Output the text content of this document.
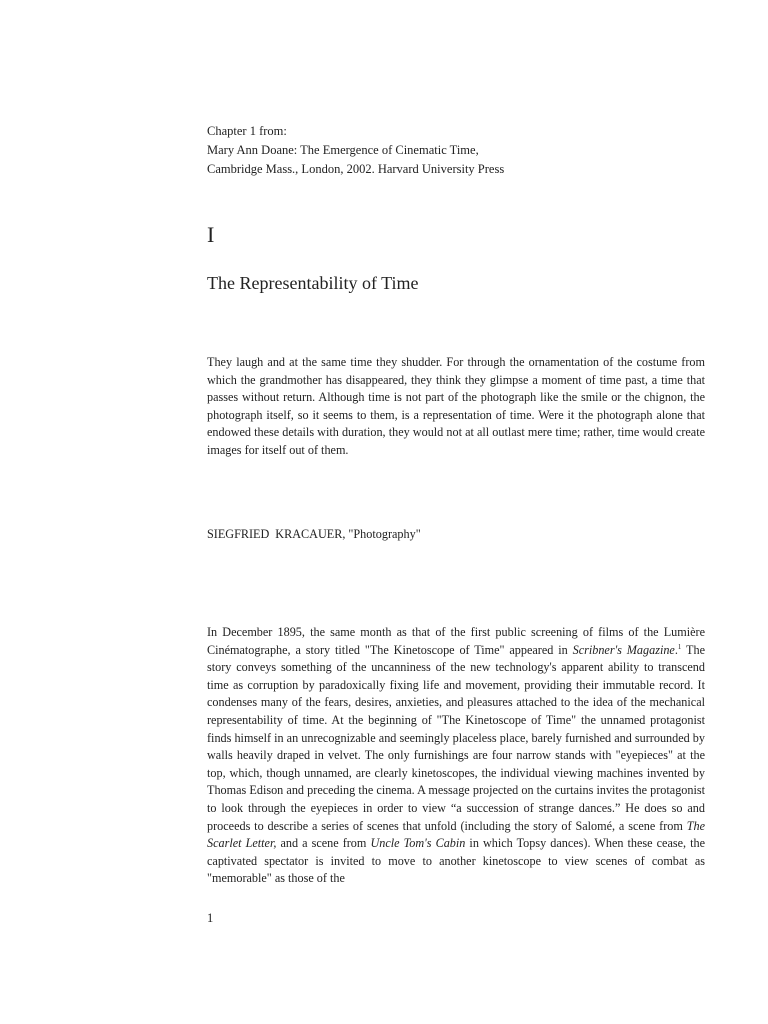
Chapter 1 from:
Mary Ann Doane: The Emergence of Cinematic Time,
Cambridge Mass., London, 2002. Harvard University Press
I
The Representability of Time
They laugh and at the same time they shudder. For through the ornamentation of the costume from which the grandmother has disappeared, they think they glimpse a moment of time past, a time that passes without return. Although time is not part of the photograph like the smile or the chignon, the photograph itself, so it seems to them, is a representation of time. Were it the photograph alone that endowed these details with duration, they would not at all outlast mere time; rather, time would create images for itself out of them.
SIEGFRIED KRACAUER, "Photography"
In December 1895, the same month as that of the first public screening of films of the Lumière Cinématographe, a story titled "The Kinetoscope of Time" appeared in Scribner's Magazine.$^1$ The story conveys something of the uncanniness of the new technology's apparent ability to transcend time as corruption by paradoxically fixing life and movement, providing their immutable record. It condenses many of the fears, desires, anxieties, and pleasures attached to the idea of the mechanical representability of time. At the beginning of "The Kinetoscope of Time" the unnamed protagonist finds himself in an unrecognizable and seemingly placeless place, barely furnished and surrounded by walls heavily draped in velvet. The only furnishings are four narrow stands with "eyepieces" at the top, which, though unnamed, are clearly kinetoscopes, the individual viewing machines invented by Thomas Edison and preceding the cinema. A message projected on the curtains invites the protagonist to look through the eyepieces in order to view “a succession of strange dances.” He does so and proceeds to describe a series of scenes that unfold (including the story of Salomé, a scene from The Scarlet Letter, and a scene from Uncle Tom's Cabin in which Topsy dances). When these cease, the captivated spectator is invited to move to another kinetoscope to view scenes of combat as "memorable" as those of the
1
